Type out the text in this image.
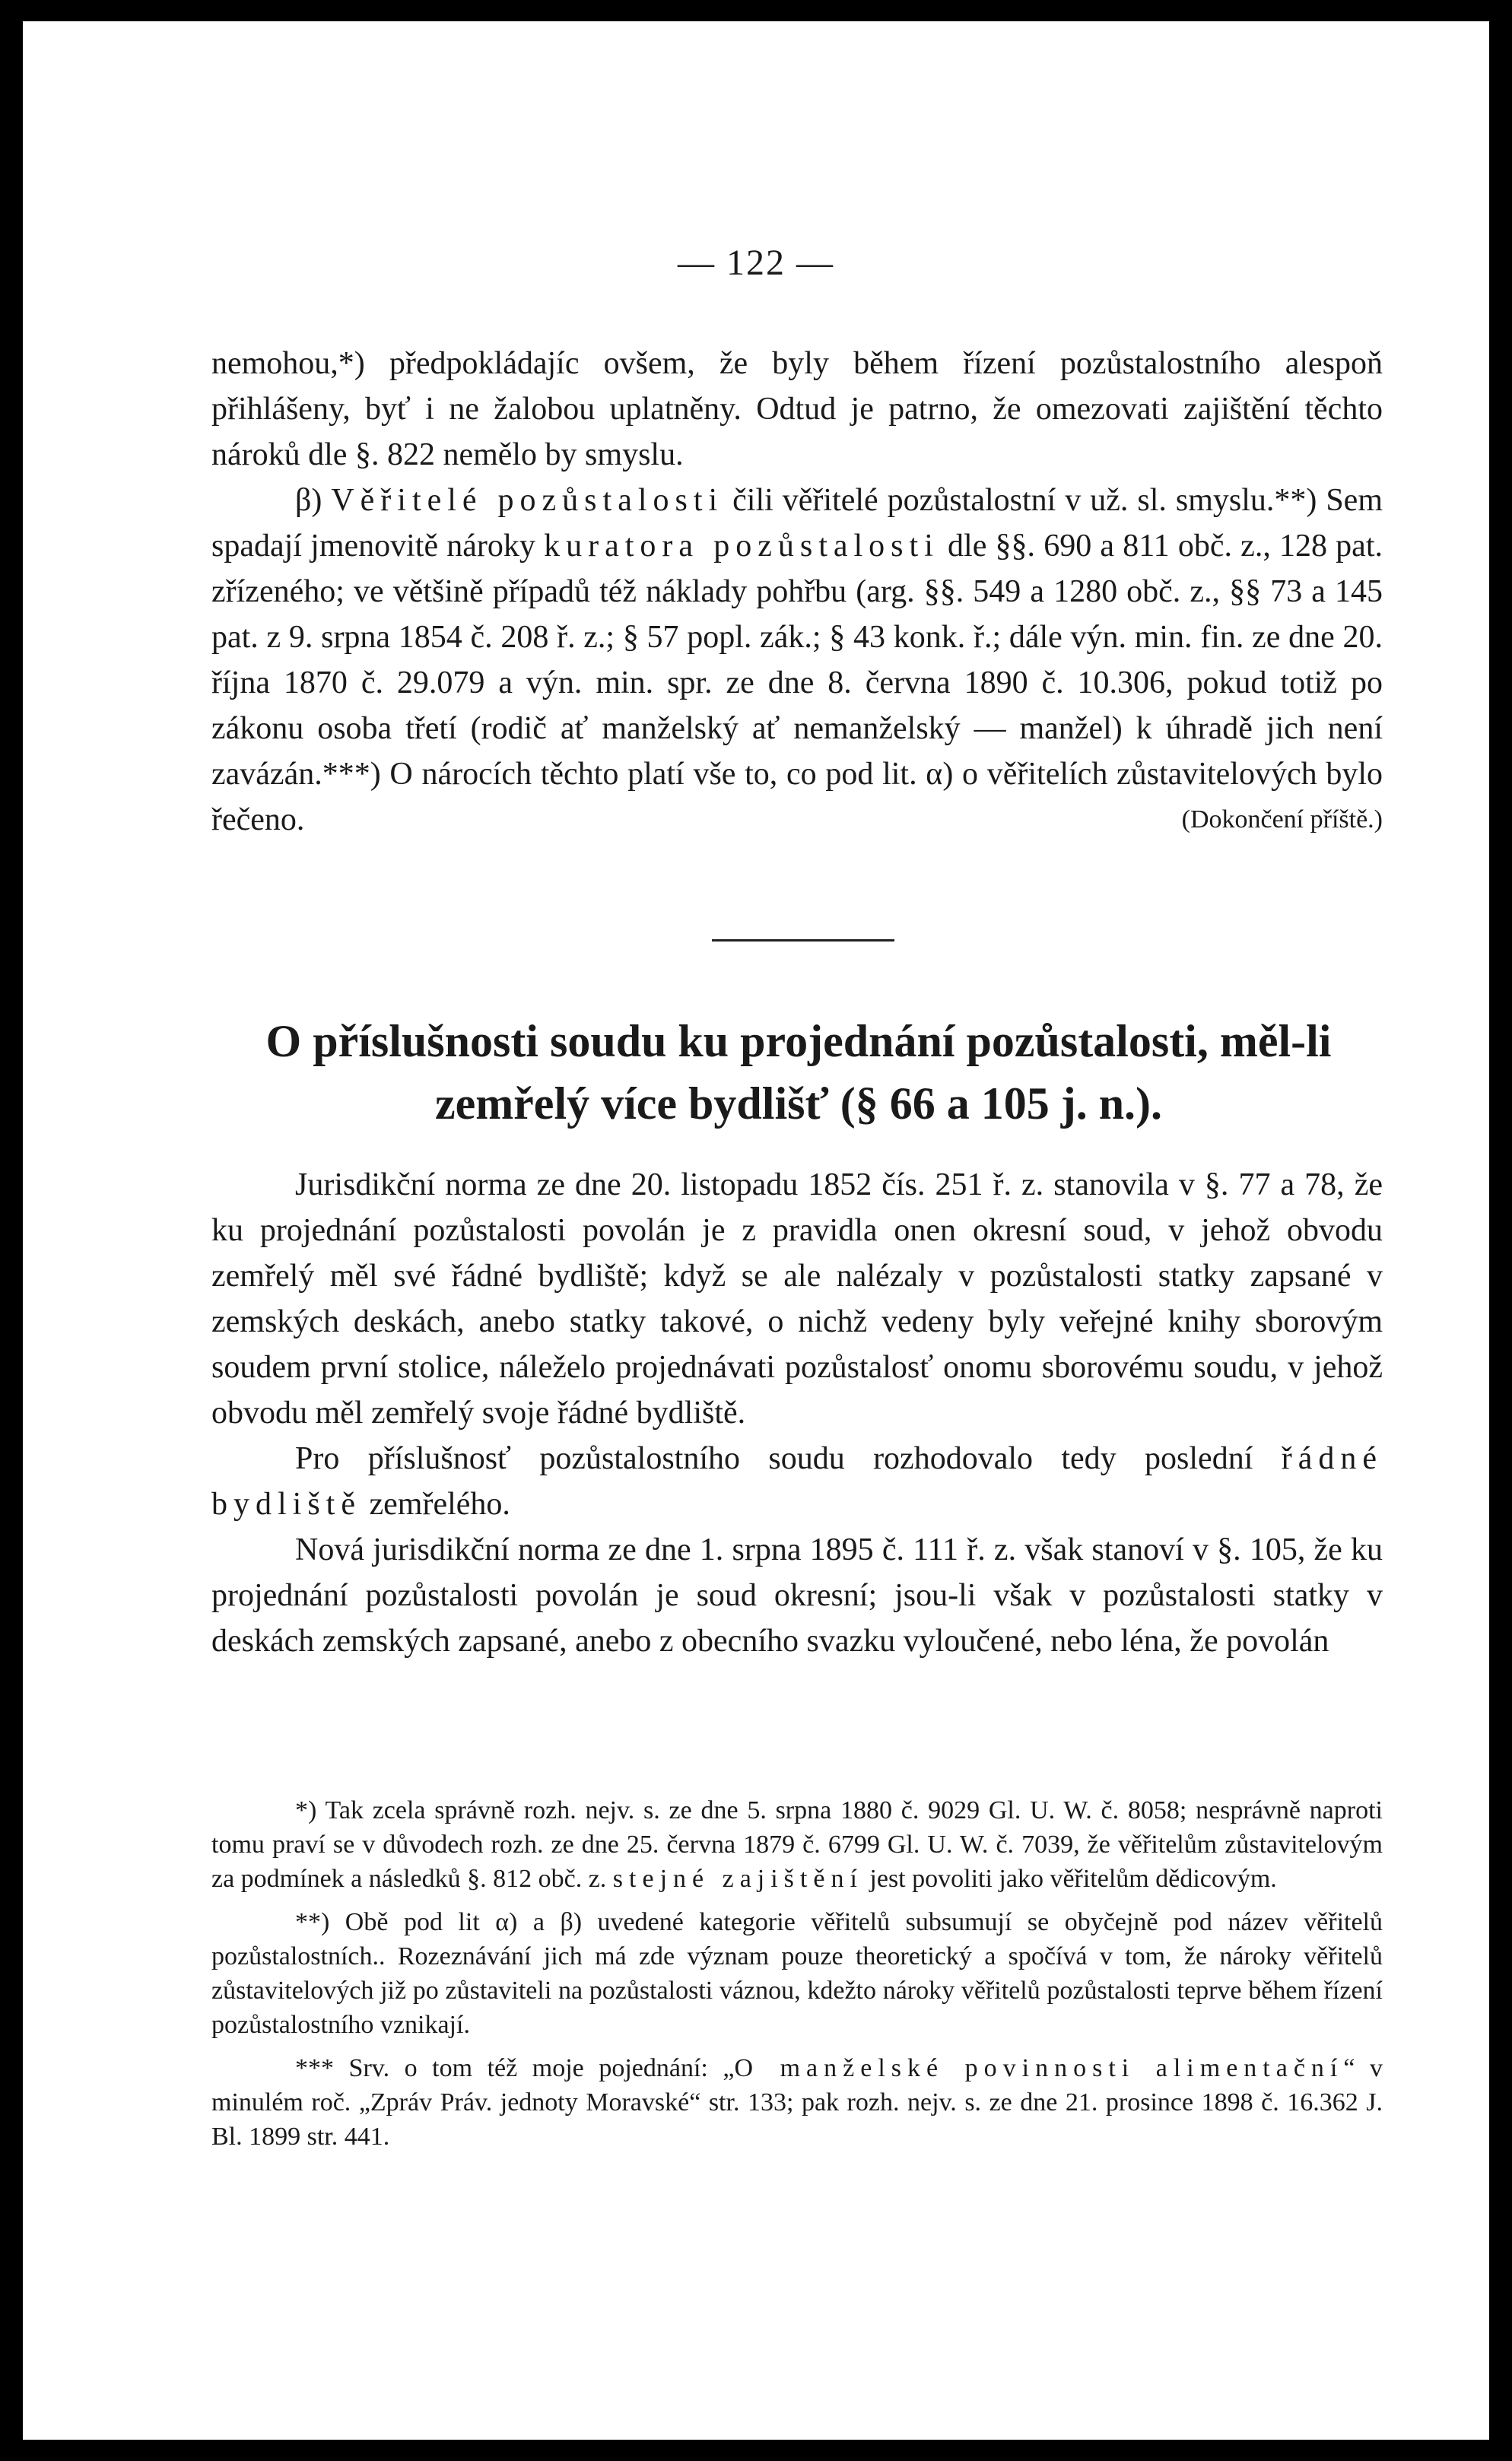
— 122 —

nemohou,*) předpokládajíc ovšem, že byly během řízení pozůstalostního alespoň přihlášeny, byť i ne žalobou uplatněny. Odtud je patrno, že omezovati zajištění těchto nároků dle §. 822 nemělo by smyslu.

β) Věřitelé pozůstalosti čili věřitelé pozůstalostní v už. sl. smyslu.**) Sem spadají jmenovitě nároky kuratora pozůstalosti dle §§. 690 a 811 obč. z., 128 pat. zřízeného; ve většině případů též náklady pohřbu (arg. §§. 549 a 1280 obč. z., §§ 73 a 145 pat. z 9. srpna 1854 č. 208 ř. z.; § 57 popl. zák.; § 43 konk. ř.; dále výn. min. fin. ze dne 20. října 1870 č. 29.079 a výn. min. spr. ze dne 8. června 1890 č. 10.306, pokud totiž po zákonu osoba třetí (rodič ať manželský ať nemanželský — manžel) k úhradě jich není zavázán.***) O nárocích těchto platí vše to, co pod lit. α) o věřitelích zůstavitelových bylo řečeno.	(Dokončení příště.)

O příslušnosti soudu ku projednání pozůstalosti, měl-li zemřelý více bydlišť (§ 66 a 105 j. n.).

Jurisdikční norma ze dne 20. listopadu 1852 čís. 251 ř. z. stanovila v §. 77 a 78, že ku projednání pozůstalosti povolán je z pravidla onen okresní soud, v jehož obvodu zemřelý měl své řádné bydliště; když se ale nalézaly v pozůstalosti statky zapsané v zemských deskách, anebo statky takové, o nichž vedeny byly veřejné knihy sborovým soudem první stolice, náleželo projednávati pozůstalosť onomu sborovému soudu, v jehož obvodu měl zemřelý svoje řádné bydliště.

Pro příslušnosť pozůstalostního soudu rozhodovalo tedy poslední řádné bydliště zemřelého.

Nová jurisdikční norma ze dne 1. srpna 1895 č. 111 ř. z. však stanoví v §. 105, že ku projednání pozůstalosti povolán je soud okresní; jsou-li však v pozůstalosti statky v deskách zemských zapsané, anebo z obecního svazku vyloučené, nebo léna, že povolán

*) Tak zcela správně rozh. nejv. s. ze dne 5. srpna 1880 č. 9029 Gl. U. W. č. 8058; nesprávně naproti tomu praví se v důvodech rozh. ze dne 25. června 1879 č. 6799 Gl. U. W. č. 7039, že věřitelům zůstavitelovým za podmínek a následků §. 812 obč. z. stejné zajištění jest povoliti jako věřitelům dědicovým.

**) Obě pod lit α) a β) uvedené kategorie věřitelů subsumují se obyčejně pod název věřitelů pozůstalostních.. Rozeznávání jich má zde význam pouze theoretický a spočívá v tom, že nároky věřitelů zůstavitelových již po zůstaviteli na pozůstalosti váznou, kdežto nároky věřitelů pozůstalosti teprve během řízení pozůstalostního vznikají.

*** Srv. o tom též moje pojednání: „O manželské povinnosti alimentační“ v minulém roč. „Zpráv Práv. jednoty Moravské“ str. 133; pak rozh. nejv. s. ze dne 21. prosince 1898 č. 16.362 J. Bl. 1899 str. 441.
